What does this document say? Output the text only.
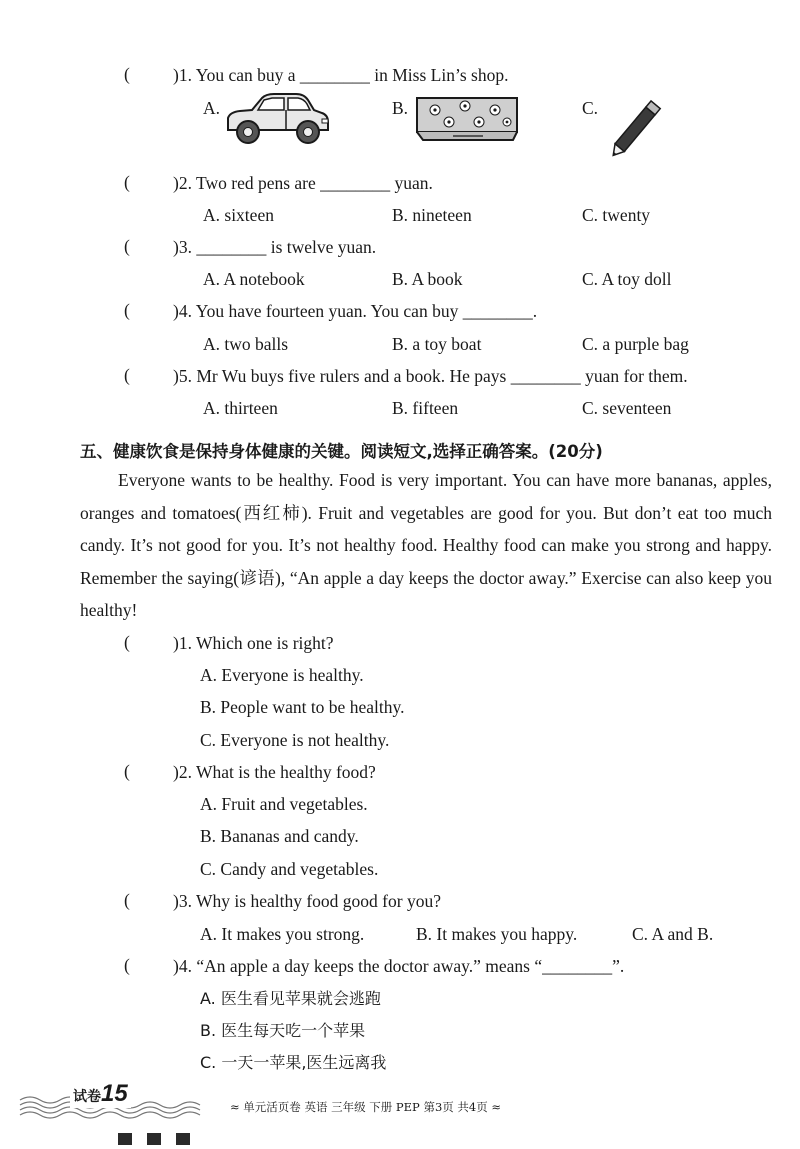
( )1. You can buy a ________ in Miss Lin’s shop.
A.	B.	C.
( )2. Two red pens are ________ yuan.
A. sixteen	B. nineteen	C. twenty
( )3. ________ is twelve yuan.
A. A notebook	B. A book	C. A toy doll
( )4. You have fourteen yuan. You can buy ________.
A. two balls	B. a toy boat	C. a purple bag
( )5. Mr Wu buys five rulers and a book. He pays ________ yuan for them.
A. thirteen	B. fifteen	C. seventeen
五、健康饮食是保持身体健康的关键。阅读短文,选择正确答案。(20分)

Everyone wants to be healthy. Food is very important. You can have more bananas, apples, oranges and tomatoes(西红柿). Fruit and vegetables are good for you. But don’t eat too much candy. It’s not good for you. It’s not healthy food. Healthy food can make you strong and happy. Remember the saying(谚语), “An apple a day keeps the doctor away.” Exercise can also keep you healthy!

( )1. Which one is right?
A. Everyone is healthy.
B. People want to be healthy.
C. Everyone is not healthy.
( )2. What is the healthy food?
A. Fruit and vegetables.
B. Bananas and candy.
C. Candy and vegetables.
( )3. Why is healthy food good for you?
A. It makes you strong.	B. It makes you happy.	C. A and B.
( )4. “An apple a day keeps the doctor away.” means “________”.
A. 医生看见苹果就会逃跑
B. 医生每天吃一个苹果
C. 一天一苹果,医生远离我
试卷15	≈ 单元活页卷 英语 三年级 下册 PEP 第3页 共4页 ≈
